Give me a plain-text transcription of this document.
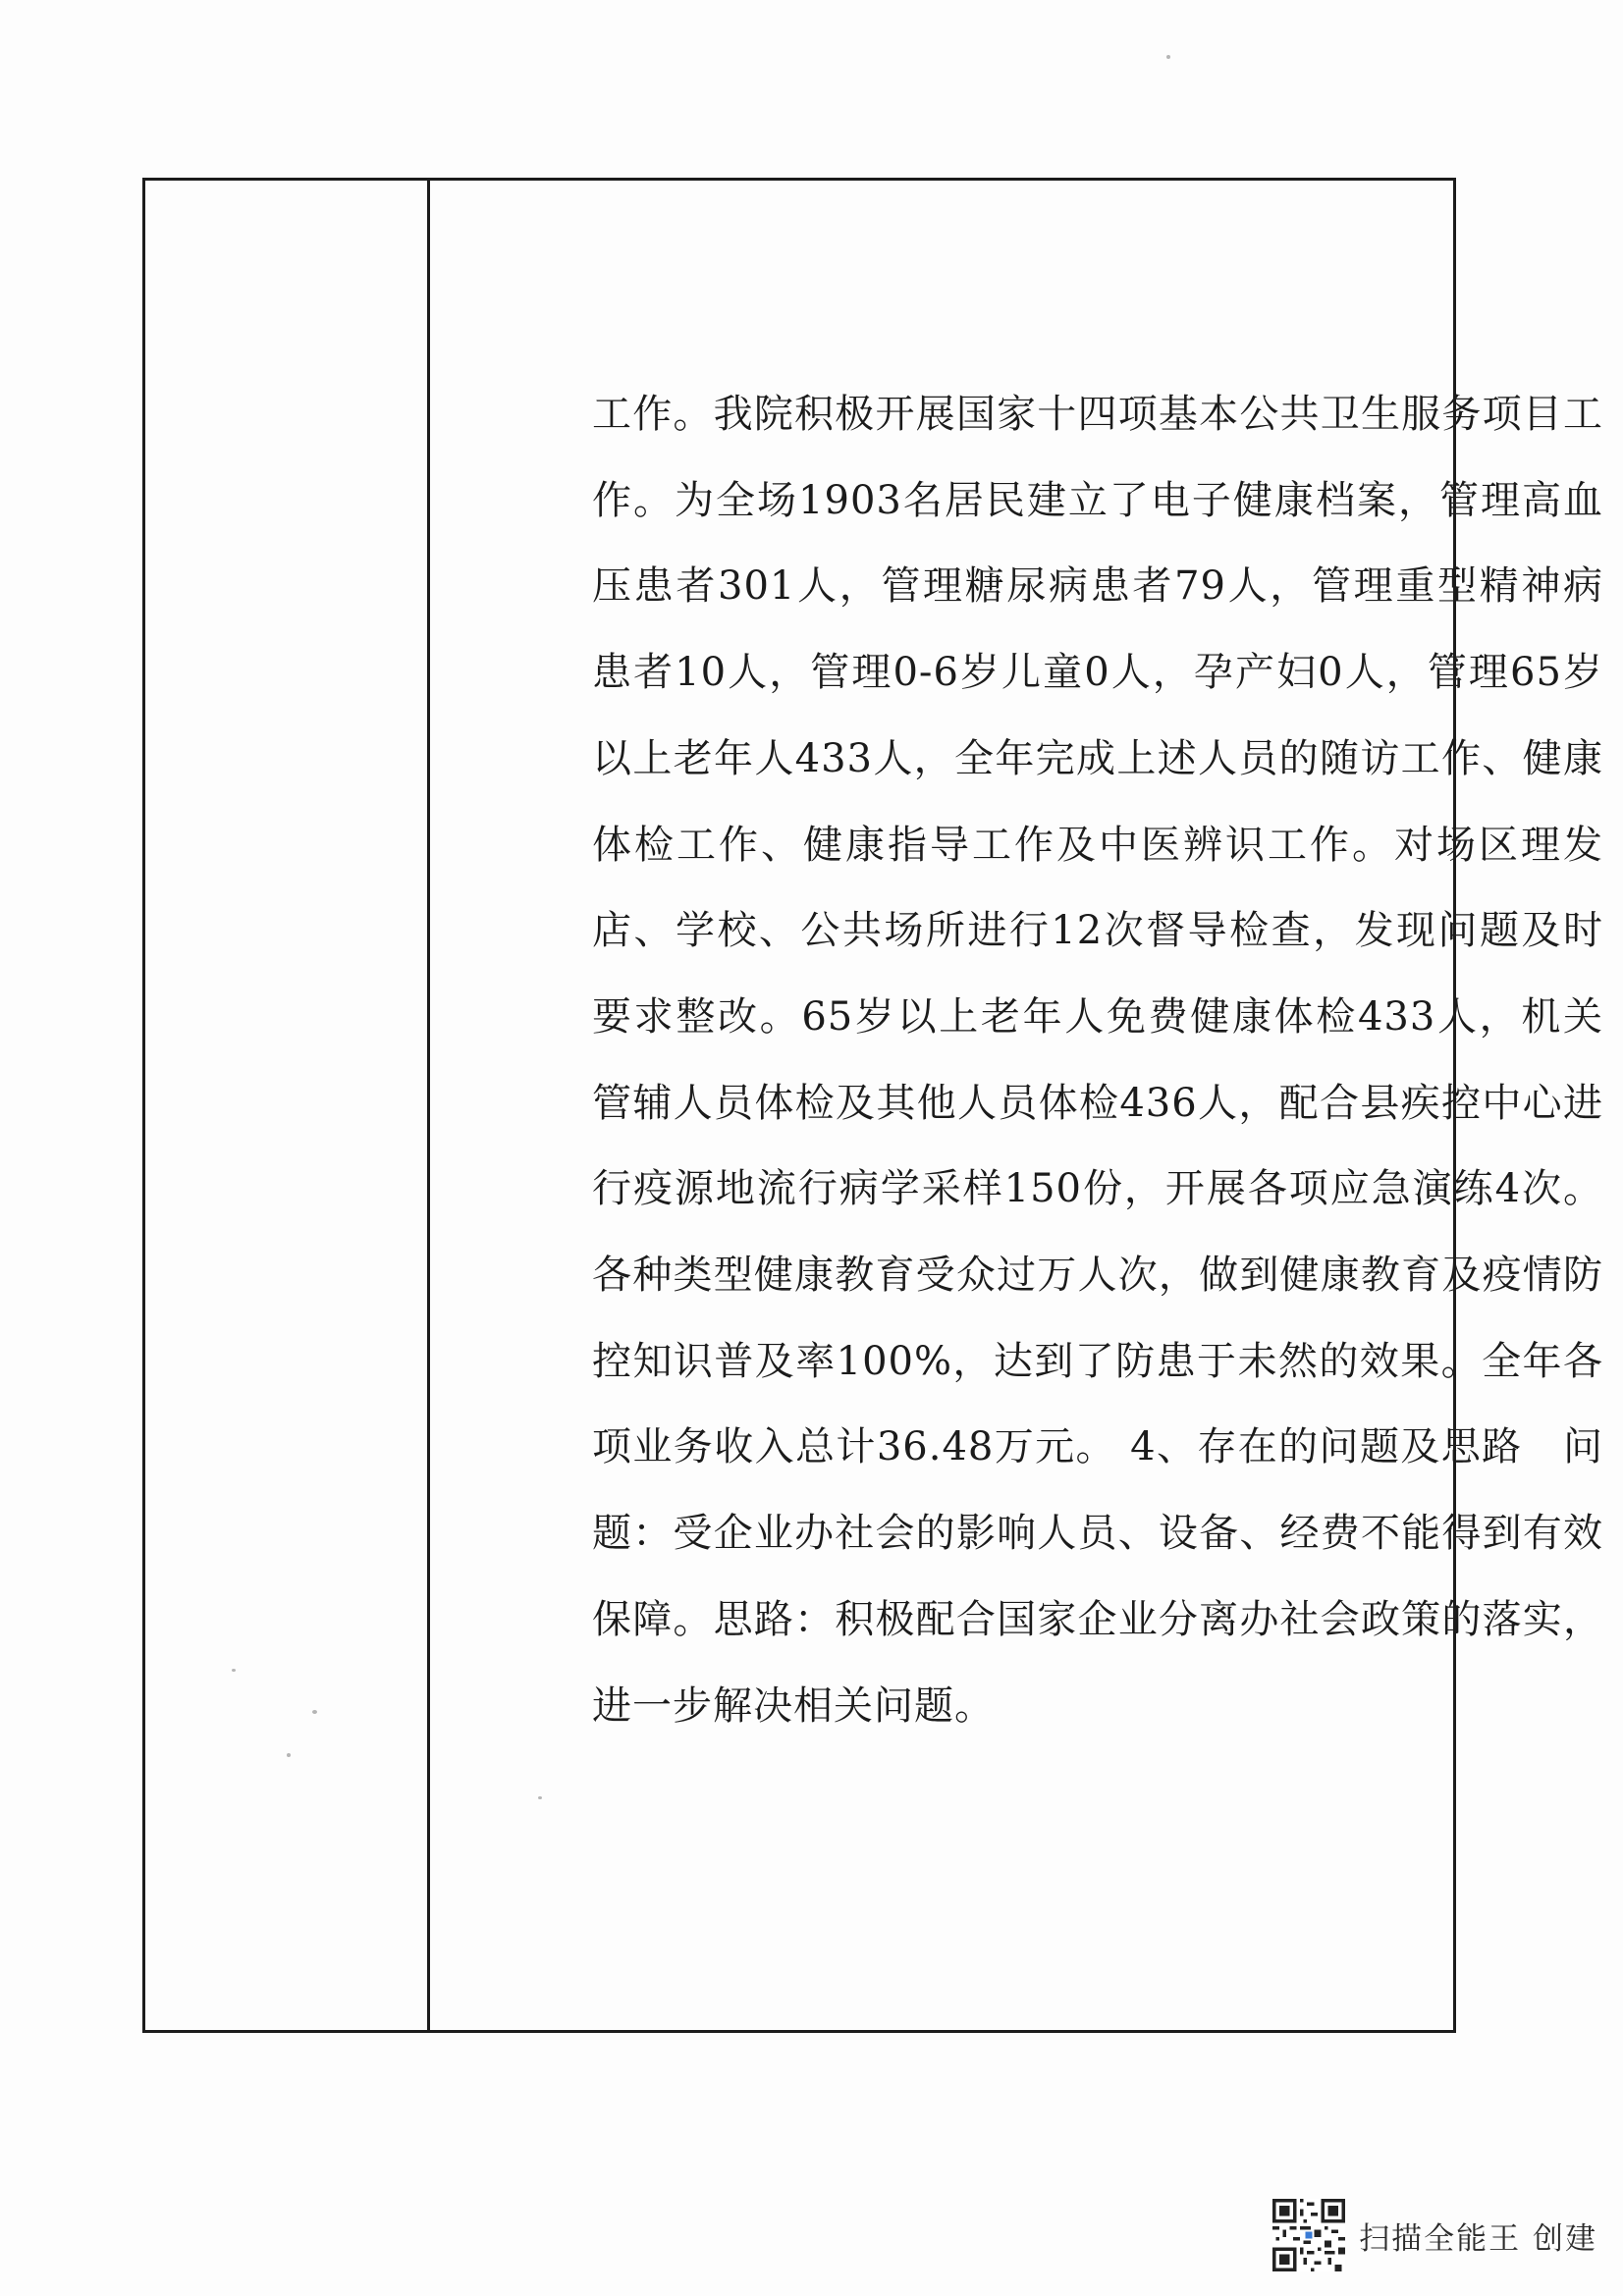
工作。我院积极开展国家十四项基本公共卫生服务项目工作。为全场1903名居民建立了电子健康档案，管理高血压患者301人，管理糖尿病患者79人，管理重型精神病患者10人，管理0-6岁儿童0人，孕产妇0人，管理65岁以上老年人433人，全年完成上述人员的随访工作、健康体检工作、健康指导工作及中医辨识工作。对场区理发店、学校、公共场所进行12次督导检查，发现问题及时要求整改。65岁以上老年人免费健康体检433人，机关管辅人员体检及其他人员体检436人，配合县疾控中心进行疫源地流行病学采样150份，开展各项应急演练4次。各种类型健康教育受众过万人次，做到健康教育及疫情防控知识普及率100%，达到了防患于未然的效果。全年各项业务收入总计36.48万元。 4、存在的问题及思路　问题：受企业办社会的影响人员、设备、经费不能得到有效保障。思路：积极配合国家企业分离办社会政策的落实，进一步解决相关问题。

扫描全能王 创建
